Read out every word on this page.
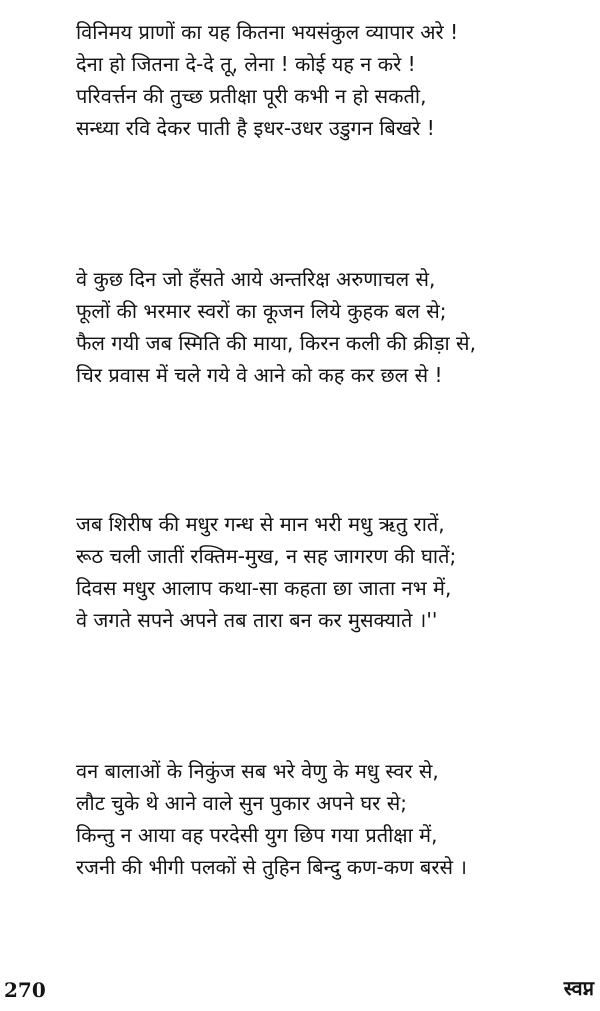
विनिमय प्राणों का यह कितना भयसंकुल व्यापार अरे !
देना हो जितना दे-दे तू, लेना ! कोई यह न करे !
परिवर्त्तन की तुच्छ प्रतीक्षा पूरी कभी न हो सकती,
सन्ध्या रवि देकर पाती है इधर-उधर उडुगन बिखरे !
वे कुछ दिन जो हँसते आये अन्तरिक्ष अरुणाचल से,
फूलों की भरमार स्वरों का कूजन लिये कुहक बल से;
फैल गयी जब स्मिति की माया, किरन कली की क्रीड़ा से,
चिर प्रवास में चले गये वे आने को कह कर छल से !
जब शिरीष की मधुर गन्ध से मान भरी मधु ऋतु रातें,
रूठ चली जातीं रक्तिम-मुख, न सह जागरण की घातें;
दिवस मधुर आलाप कथा-सा कहता छा जाता नभ में,
वे जगते सपने अपने तब तारा बन कर मुसक्याते ।''
वन बालाओं के निकुंज सब भरे वेणु के मधु स्वर से,
लौट चुके थे आने वाले सुन पुकार अपने घर से;
किन्तु न आया वह परदेसी युग छिप गया प्रतीक्षा में,
रजनी की भीगी पलकों से तुहिन बिन्दु कण-कण बरसे ।
270	स्वप्न
